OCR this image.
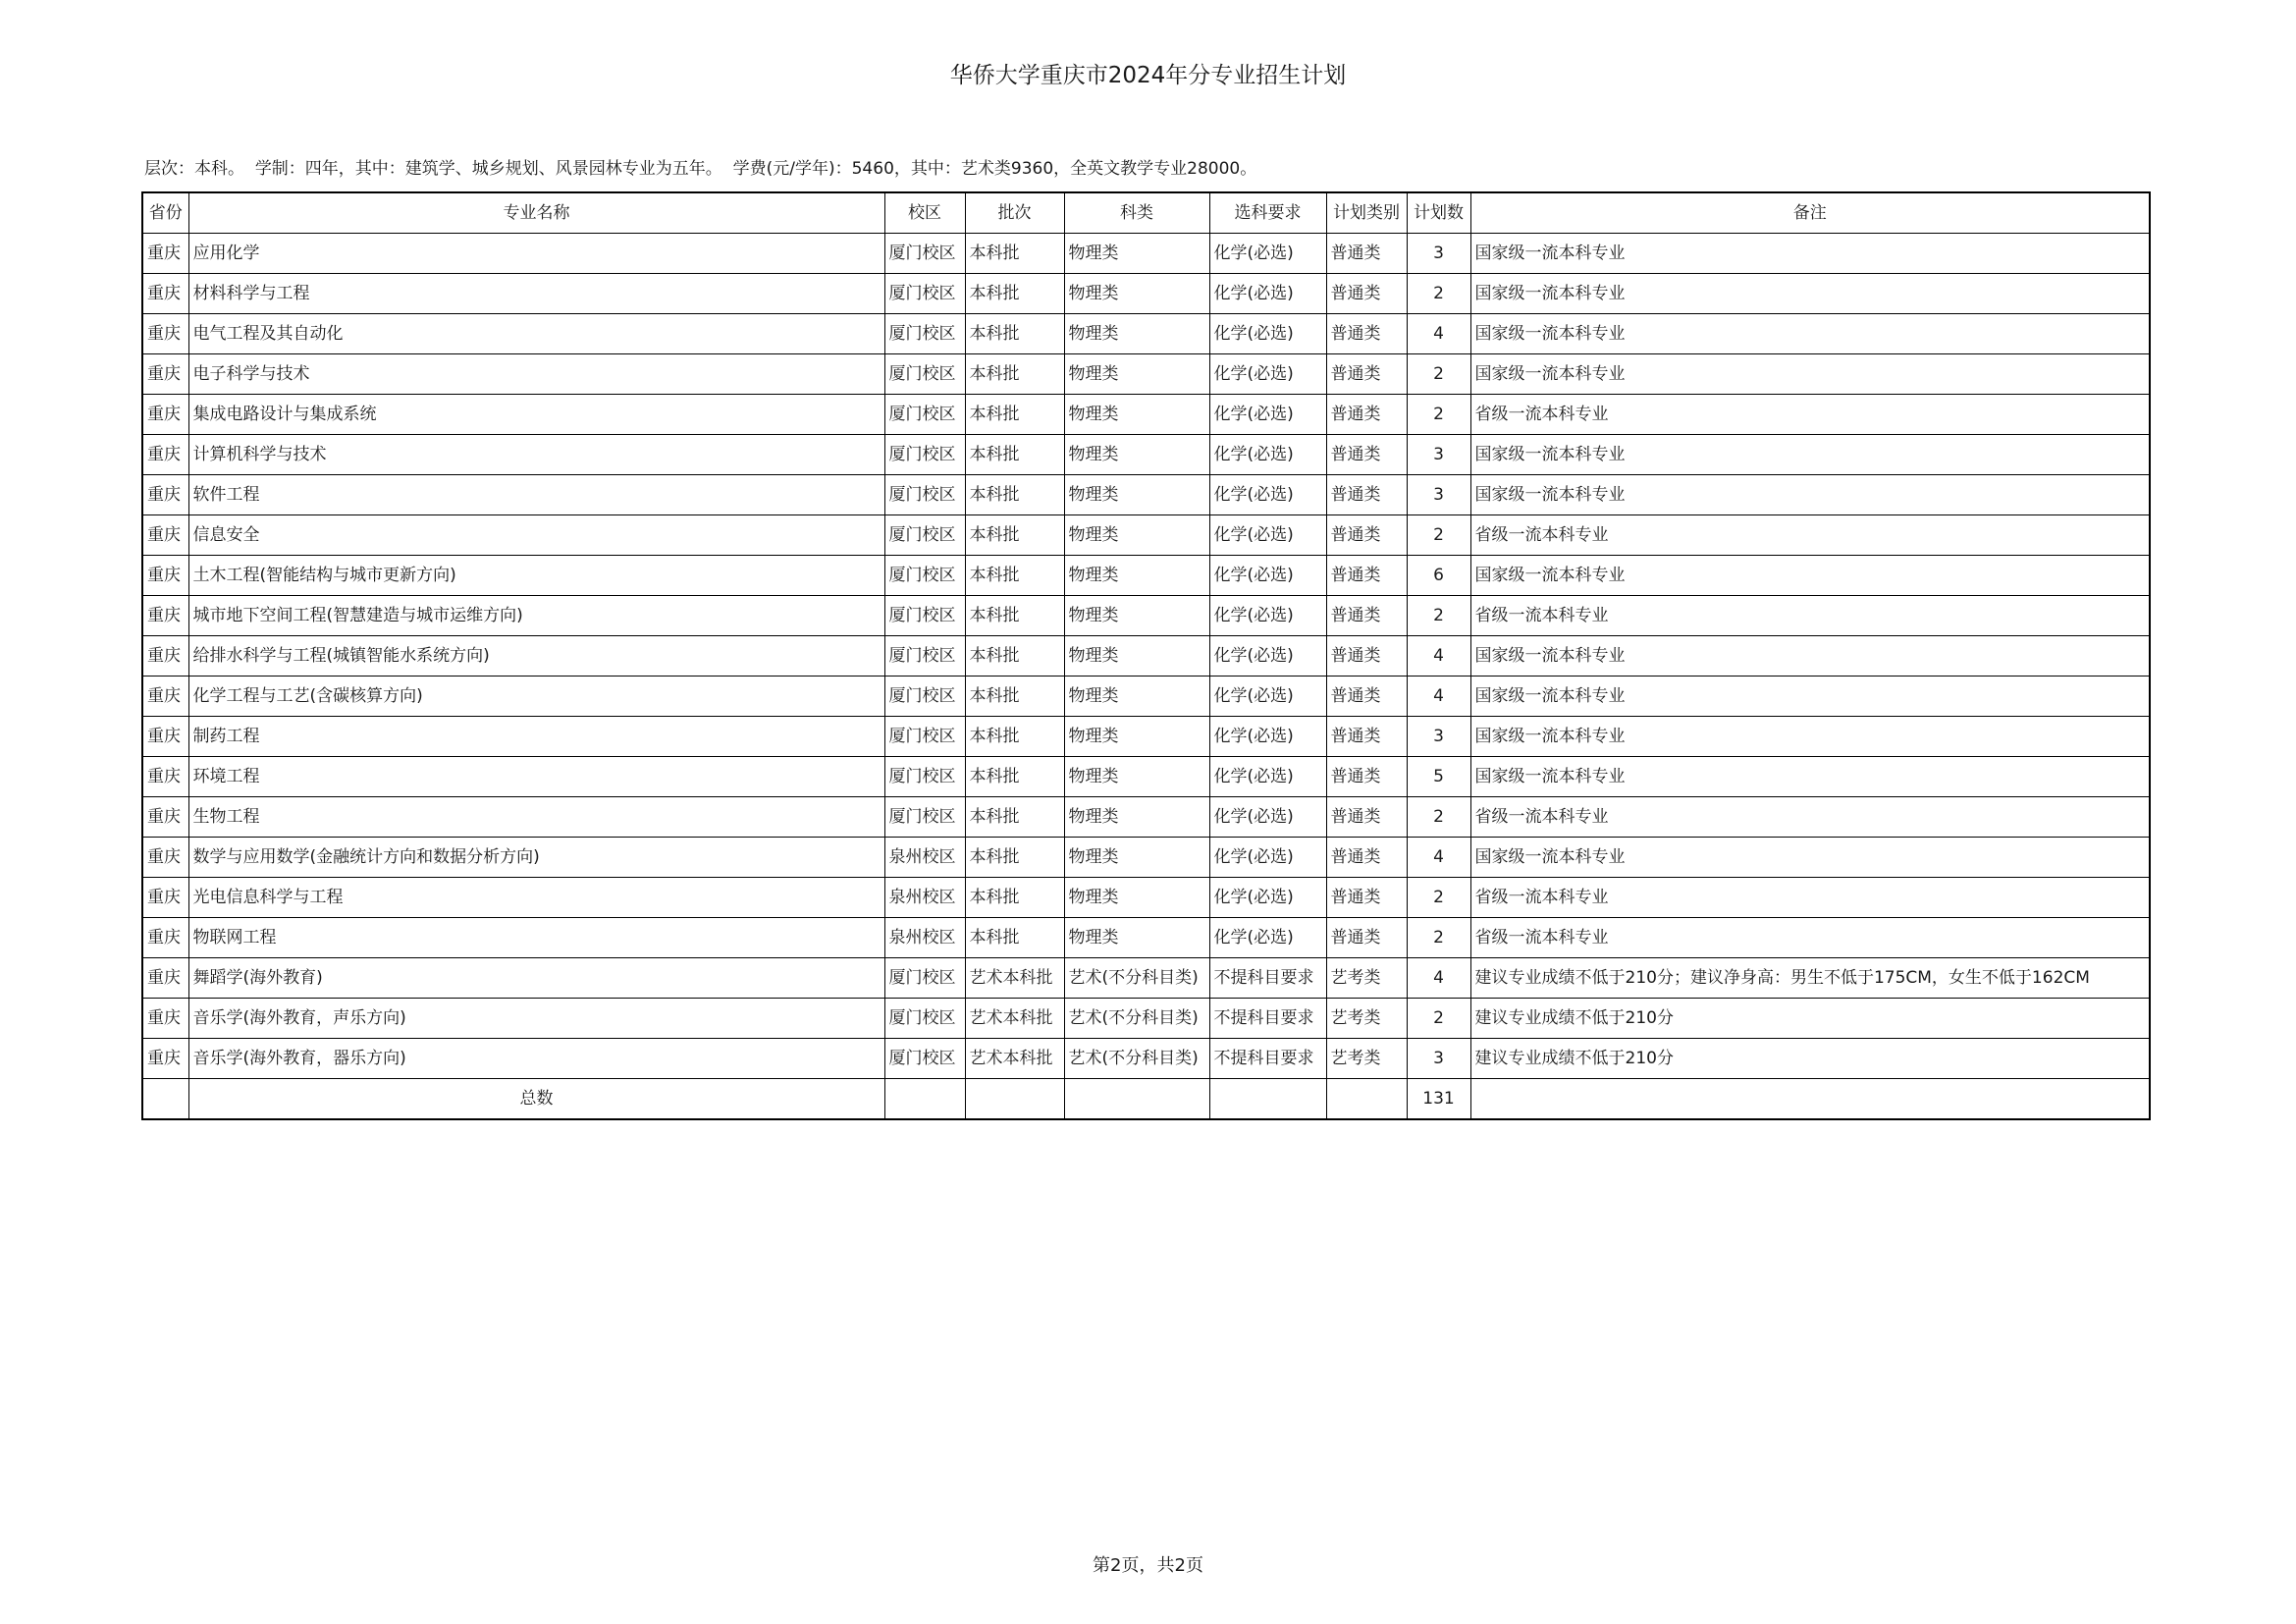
华侨大学重庆市2024年分专业招生计划
层次：本科。 学制：四年，其中：建筑学、城乡规划、风景园林专业为五年。 学费(元/学年)：5460，其中：艺术类9360，全英文教学专业28000。
省份	专业名称	校区	批次	科类	选科要求	计划类别	计划数	备注
重庆	应用化学	厦门校区	本科批	物理类	化学(必选)	普通类	3	国家级一流本科专业
重庆	材料科学与工程	厦门校区	本科批	物理类	化学(必选)	普通类	2	国家级一流本科专业
重庆	电气工程及其自动化	厦门校区	本科批	物理类	化学(必选)	普通类	4	国家级一流本科专业
重庆	电子科学与技术	厦门校区	本科批	物理类	化学(必选)	普通类	2	国家级一流本科专业
重庆	集成电路设计与集成系统	厦门校区	本科批	物理类	化学(必选)	普通类	2	省级一流本科专业
重庆	计算机科学与技术	厦门校区	本科批	物理类	化学(必选)	普通类	3	国家级一流本科专业
重庆	软件工程	厦门校区	本科批	物理类	化学(必选)	普通类	3	国家级一流本科专业
重庆	信息安全	厦门校区	本科批	物理类	化学(必选)	普通类	2	省级一流本科专业
重庆	土木工程(智能结构与城市更新方向)	厦门校区	本科批	物理类	化学(必选)	普通类	6	国家级一流本科专业
重庆	城市地下空间工程(智慧建造与城市运维方向)	厦门校区	本科批	物理类	化学(必选)	普通类	2	省级一流本科专业
重庆	给排水科学与工程(城镇智能水系统方向)	厦门校区	本科批	物理类	化学(必选)	普通类	4	国家级一流本科专业
重庆	化学工程与工艺(含碳核算方向)	厦门校区	本科批	物理类	化学(必选)	普通类	4	国家级一流本科专业
重庆	制药工程	厦门校区	本科批	物理类	化学(必选)	普通类	3	国家级一流本科专业
重庆	环境工程	厦门校区	本科批	物理类	化学(必选)	普通类	5	国家级一流本科专业
重庆	生物工程	厦门校区	本科批	物理类	化学(必选)	普通类	2	省级一流本科专业
重庆	数学与应用数学(金融统计方向和数据分析方向)	泉州校区	本科批	物理类	化学(必选)	普通类	4	国家级一流本科专业
重庆	光电信息科学与工程	泉州校区	本科批	物理类	化学(必选)	普通类	2	省级一流本科专业
重庆	物联网工程	泉州校区	本科批	物理类	化学(必选)	普通类	2	省级一流本科专业
重庆	舞蹈学(海外教育)	厦门校区	艺术本科批	艺术(不分科目类)	不提科目要求	艺考类	4	建议专业成绩不低于210分；建议净身高：男生不低于175CM，女生不低于162CM
重庆	音乐学(海外教育，声乐方向)	厦门校区	艺术本科批	艺术(不分科目类)	不提科目要求	艺考类	2	建议专业成绩不低于210分
重庆	音乐学(海外教育，器乐方向)	厦门校区	艺术本科批	艺术(不分科目类)	不提科目要求	艺考类	3	建议专业成绩不低于210分
	总数						131	
第2页，共2页
